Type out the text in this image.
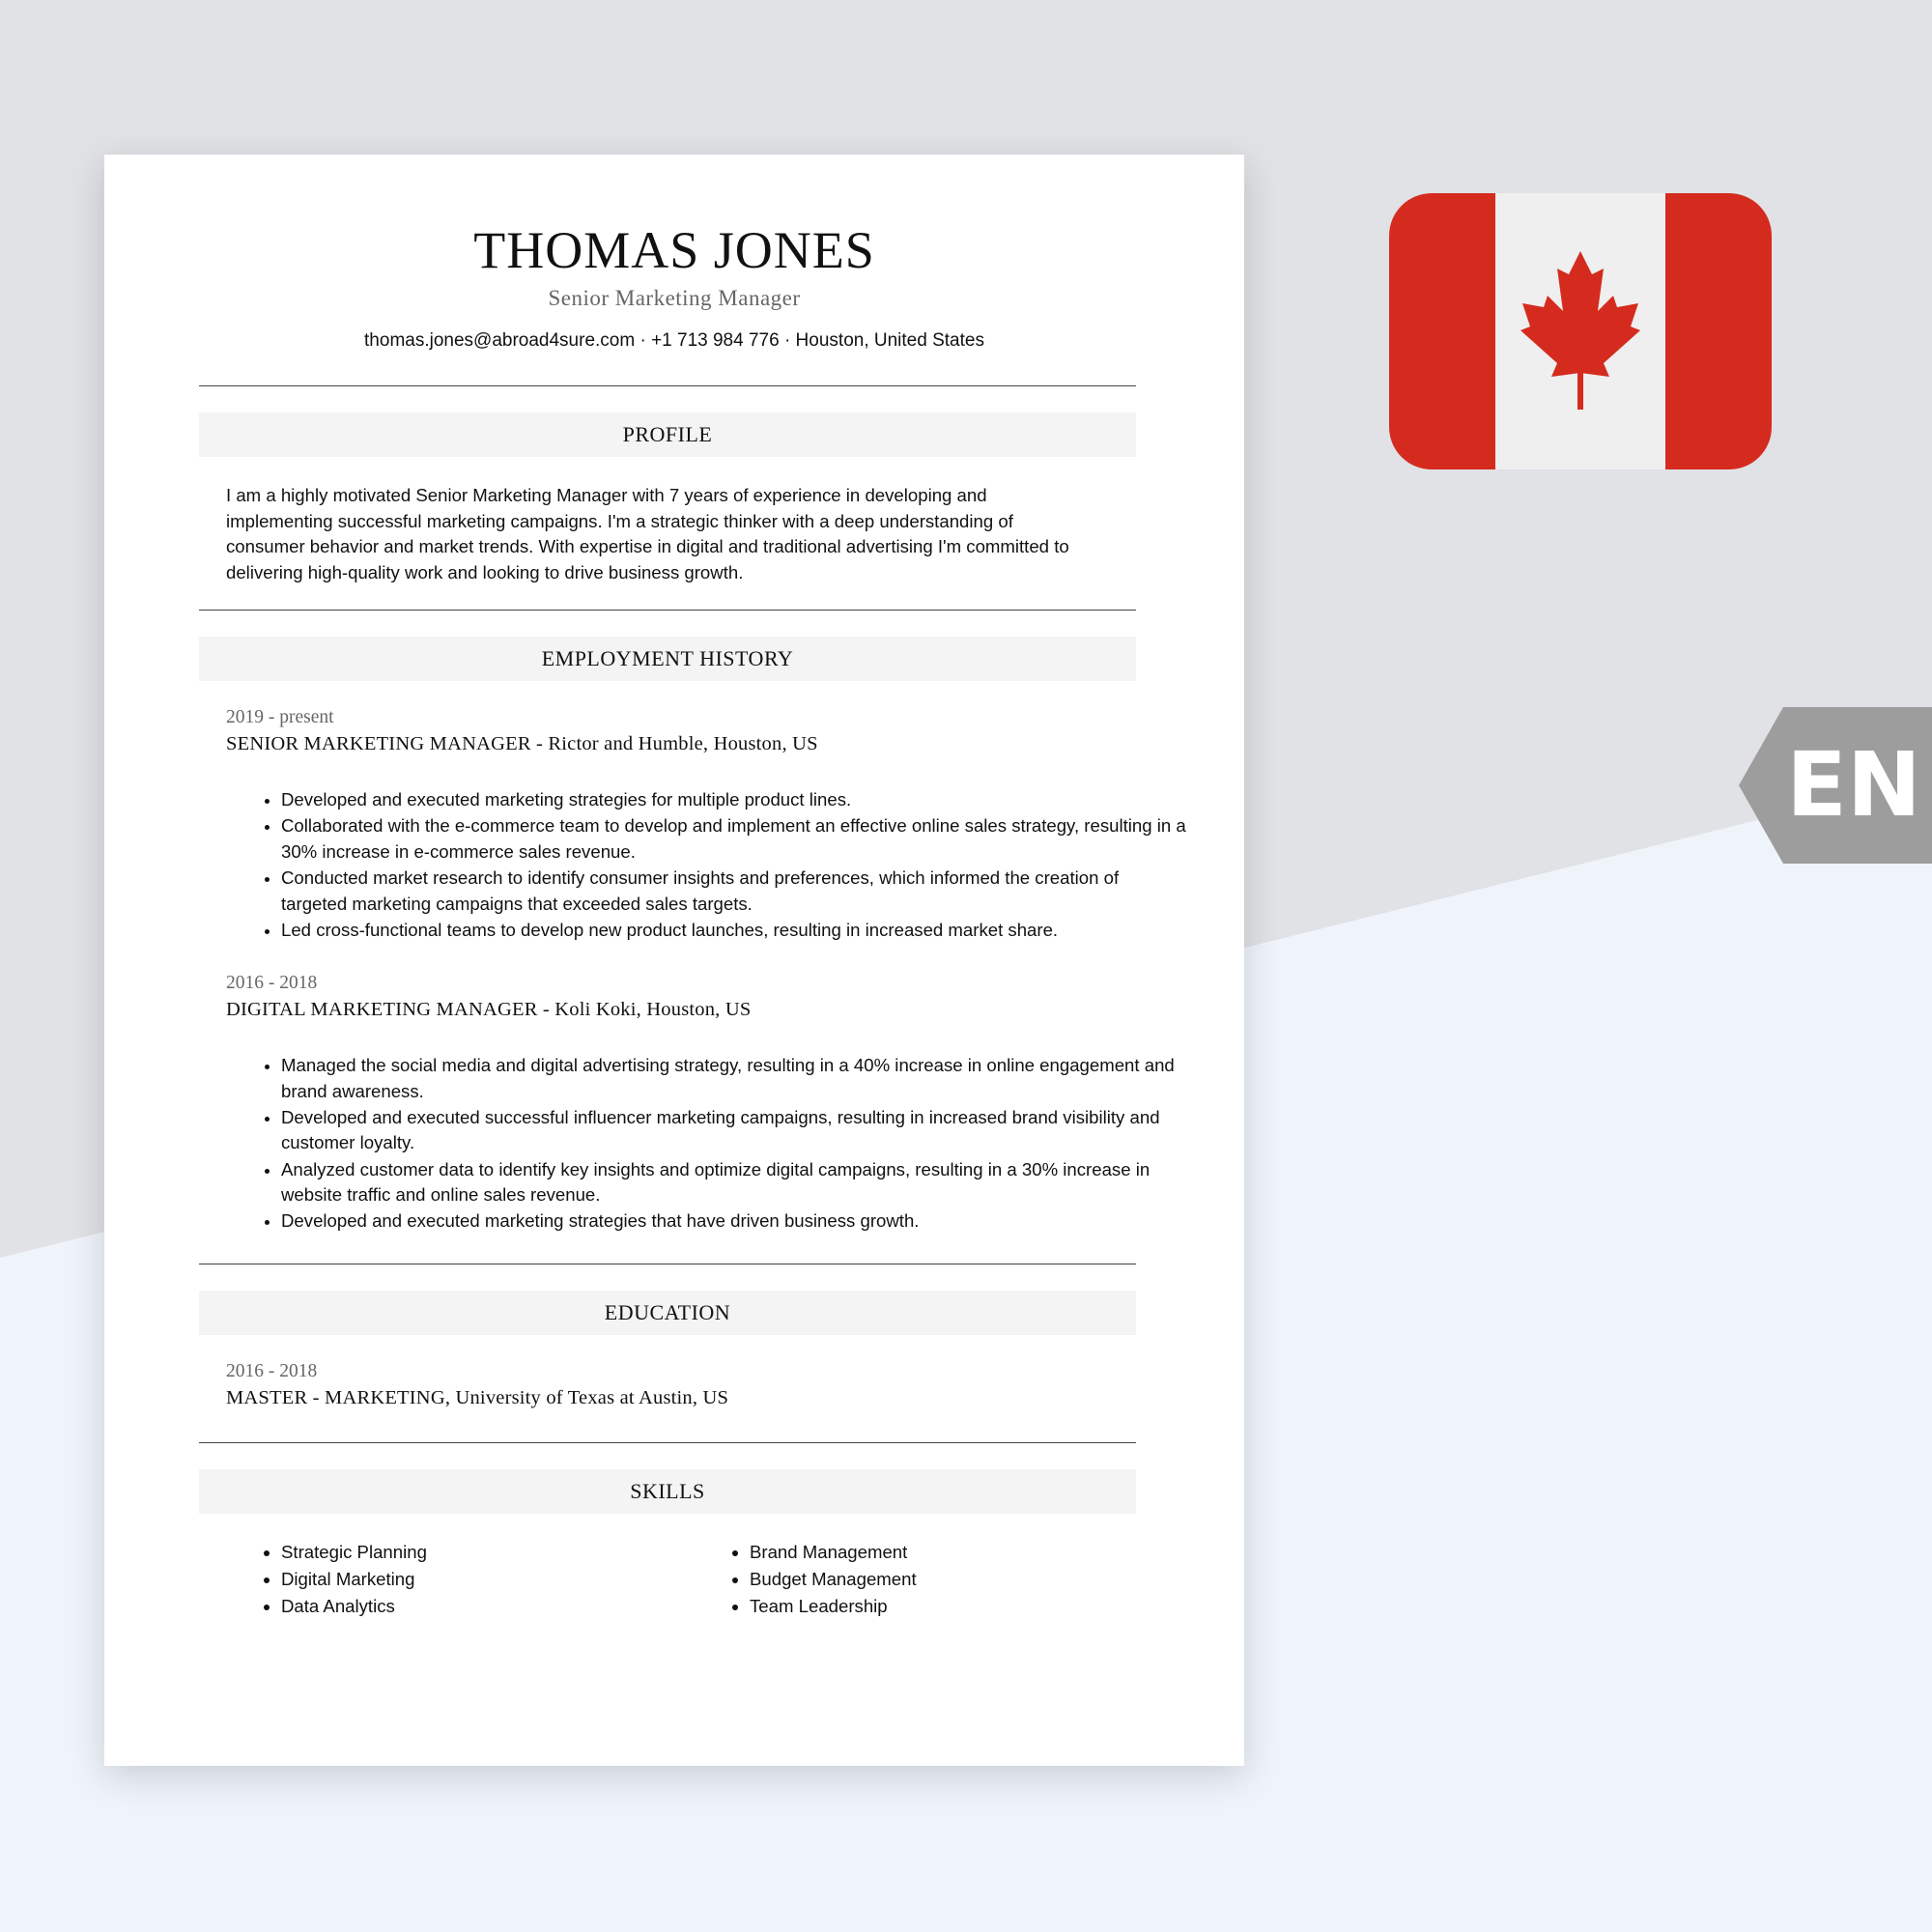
THOMAS JONES
Senior Marketing Manager
thomas.jones@abroad4sure.com · +1 713 984 776 · Houston, United States
PROFILE
I am a highly motivated Senior Marketing Manager with 7 years of experience in developing and implementing successful marketing campaigns. I'm a strategic thinker with a deep understanding of consumer behavior and market trends. With expertise in digital and traditional advertising I'm committed to delivering high-quality work and looking to drive business growth.
EMPLOYMENT HISTORY
2019 - present
SENIOR MARKETING MANAGER - Rictor and Humble, Houston, US
• Developed and executed marketing strategies for multiple product lines.
• Collaborated with the e-commerce team to develop and implement an effective online sales strategy, resulting in a 30% increase in e-commerce sales revenue.
• Conducted market research to identify consumer insights and preferences, which informed the creation of targeted marketing campaigns that exceeded sales targets.
• Led cross-functional teams to develop new product launches, resulting in increased market share.
2016 - 2018
DIGITAL MARKETING MANAGER - Koli Koki, Houston, US
• Managed the social media and digital advertising strategy, resulting in a 40% increase in online engagement and brand awareness.
• Developed and executed successful influencer marketing campaigns, resulting in increased brand visibility and customer loyalty.
• Analyzed customer data to identify key insights and optimize digital campaigns, resulting in a 30% increase in website traffic and online sales revenue.
• Developed and executed marketing strategies that have driven business growth.
EDUCATION
2016 - 2018
MASTER - MARKETING, University of Texas at Austin, US
SKILLS
• Strategic Planning
• Digital Marketing
• Data Analytics
• Brand Management
• Budget Management
• Team Leadership
EN
